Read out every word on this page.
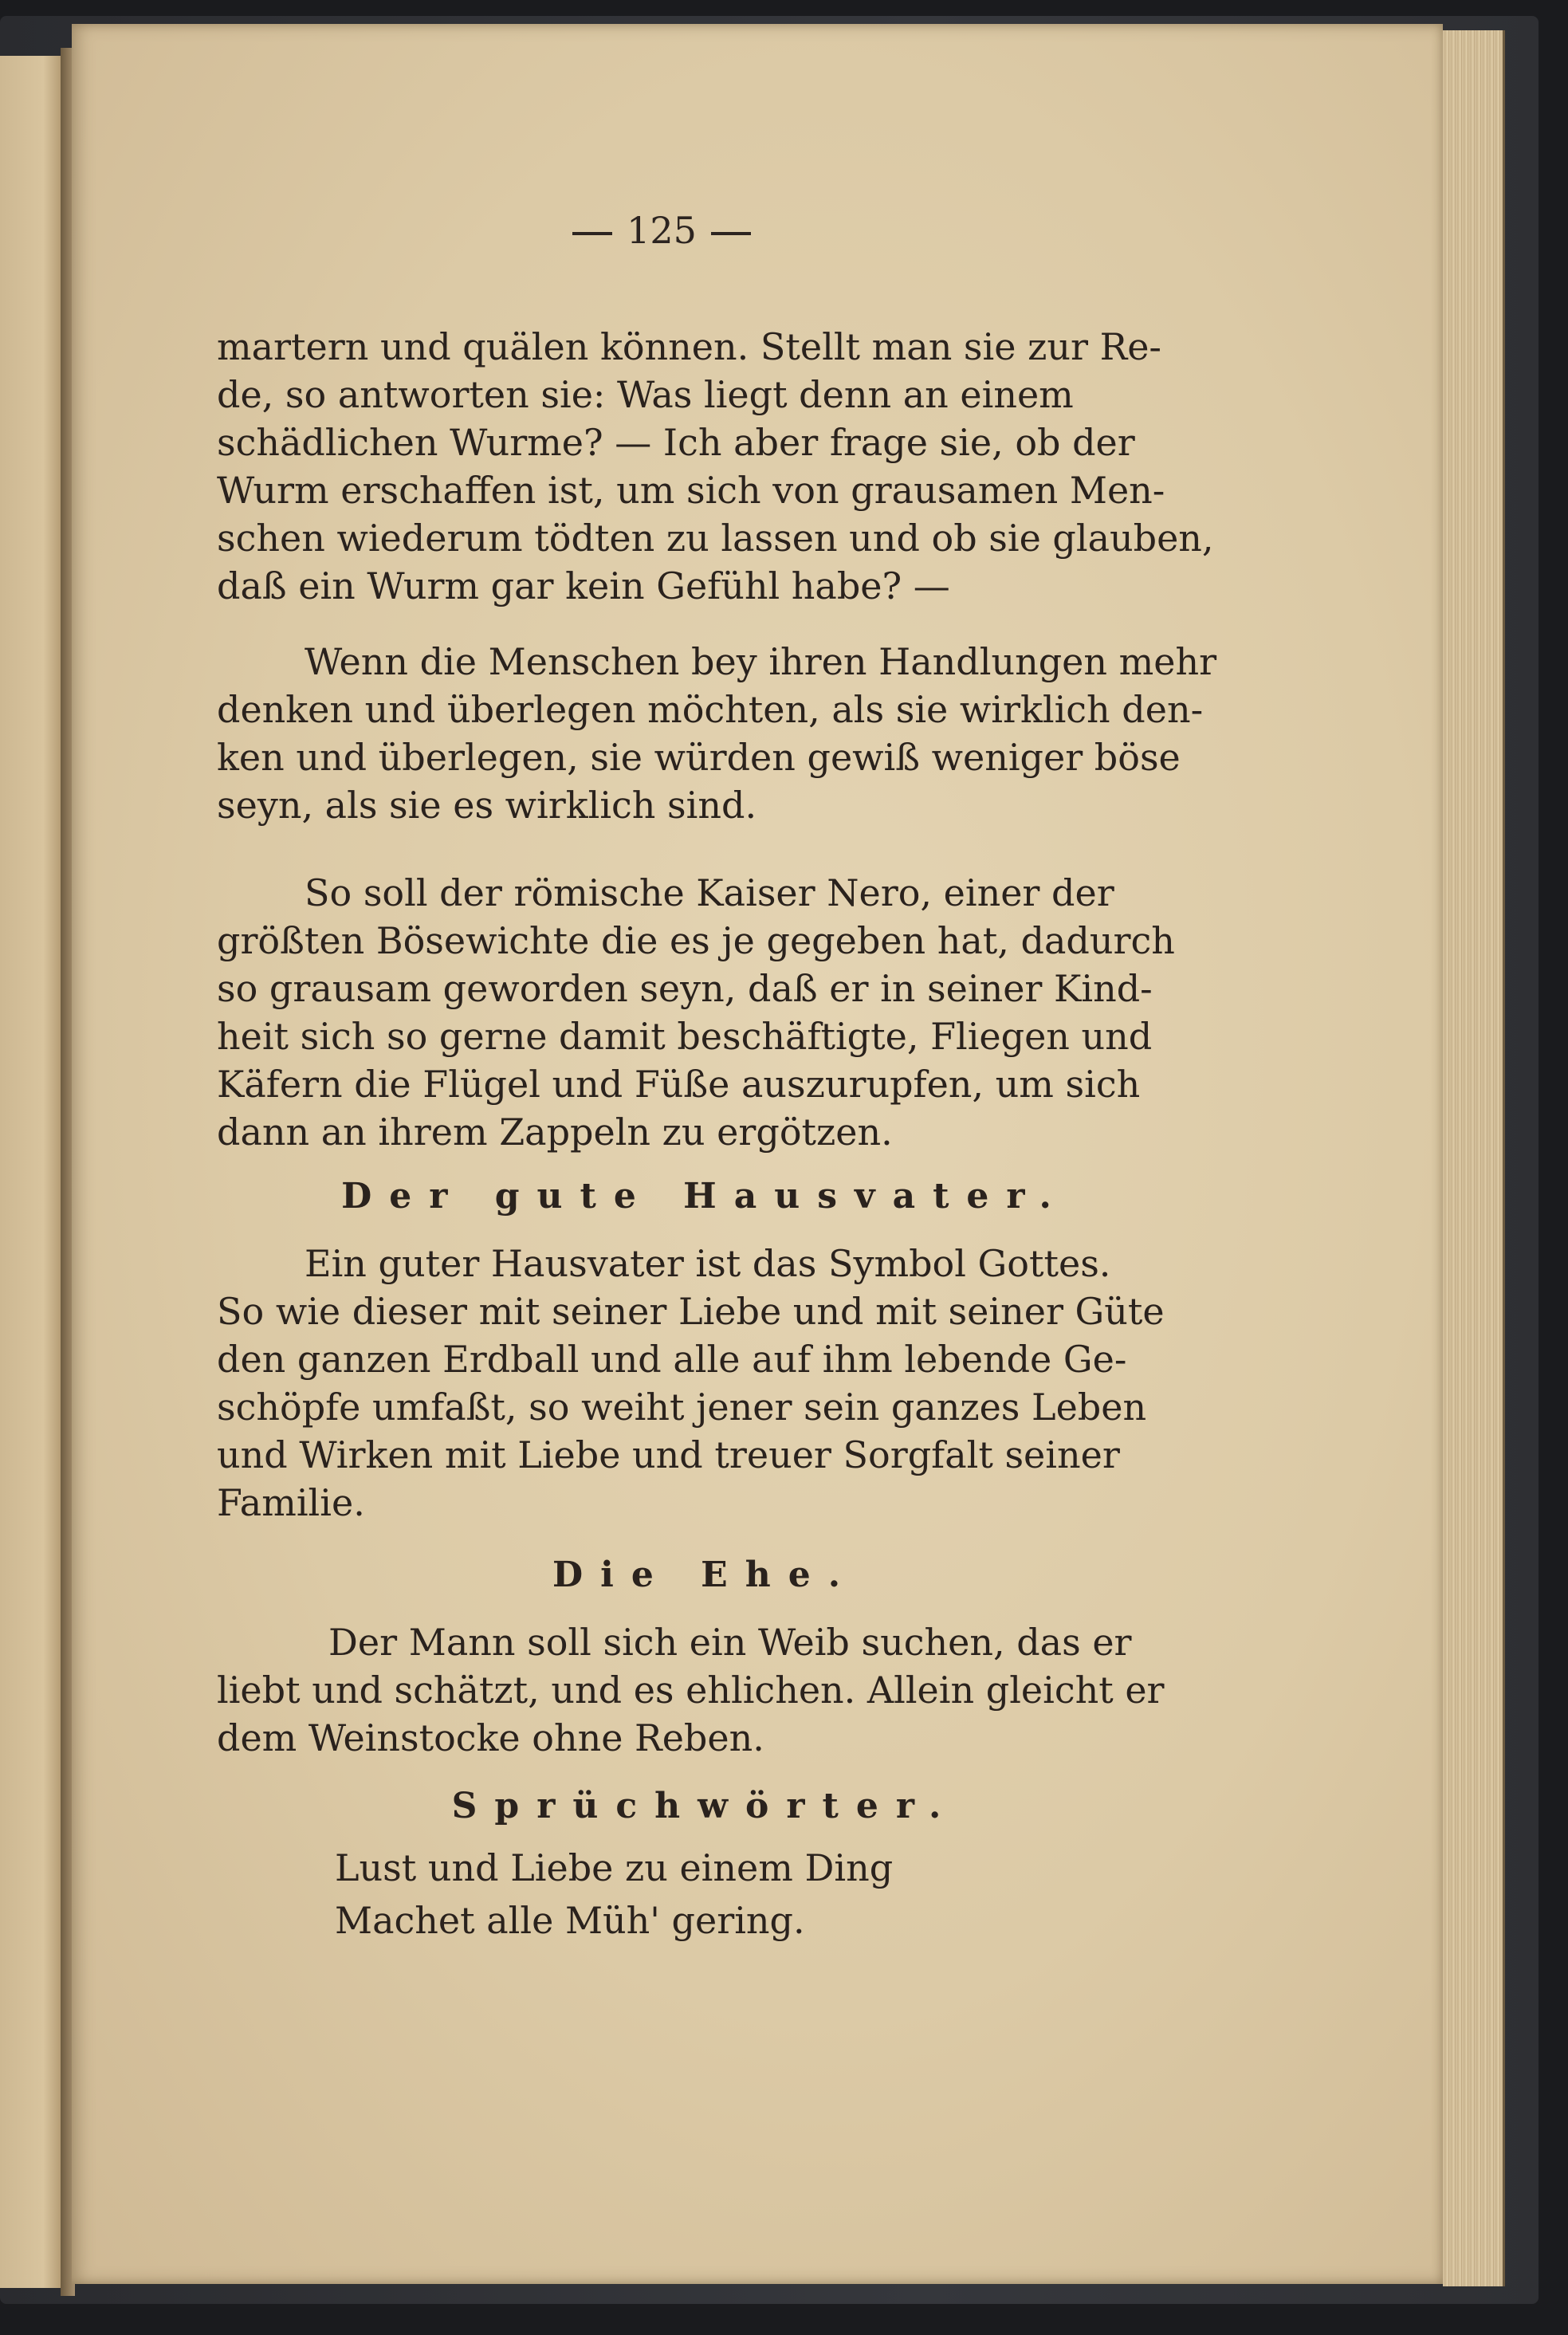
125
martern und quälen können. Stellt man sie zur Re-
de, so antworten sie: Was liegt denn an einem
schädlichen Wurme? — Ich aber frage sie, ob der
Wurm erschaffen ist, um sich von grausamen Men-
schen wiederum tödten zu lassen und ob sie glauben,
daß ein Wurm gar kein Gefühl habe? —
Wenn die Menschen bey ihren Handlungen mehr
denken und überlegen möchten, als sie wirklich den-
ken und überlegen, sie würden gewiß weniger böse
seyn, als sie es wirklich sind.
So soll der römische Kaiser Nero, einer der
größten Bösewichte die es je gegeben hat, dadurch
so grausam geworden seyn, daß er in seiner Kind-
heit sich so gerne damit beschäftigte, Fliegen und
Käfern die Flügel und Füße auszurupfen, um sich
dann an ihrem Zappeln zu ergötzen.
Der gute Hausvater.
Ein guter Hausvater ist das Symbol Gottes.
So wie dieser mit seiner Liebe und mit seiner Güte
den ganzen Erdball und alle auf ihm lebende Ge-
schöpfe umfaßt, so weiht jener sein ganzes Leben
und Wirken mit Liebe und treuer Sorgfalt seiner
Familie.
Die Ehe.
Der Mann soll sich ein Weib suchen, das er
liebt und schätzt, und es ehlichen. Allein gleicht er
dem Weinstocke ohne Reben.
Sprüchwörter.
Lust und Liebe zu einem Ding
Machet alle Müh' gering.
